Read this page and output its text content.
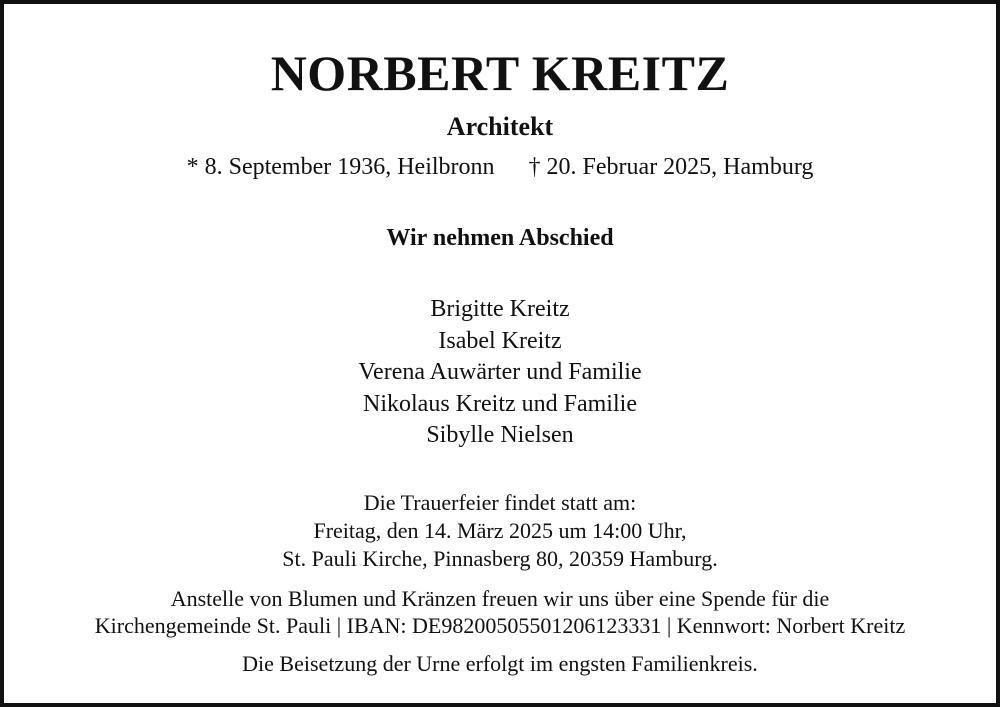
NORBERT KREITZ
Architekt
* 8. September 1936, Heilbronn † 20. Februar 2025, Hamburg
Wir nehmen Abschied
Brigitte Kreitz
Isabel Kreitz
Verena Auwärter und Familie
Nikolaus Kreitz und Familie
Sibylle Nielsen
Die Trauerfeier findet statt am:
Freitag, den 14. März 2025 um 14:00 Uhr,
St. Pauli Kirche, Pinnasberg 80, 20359 Hamburg.
Anstelle von Blumen und Kränzen freuen wir uns über eine Spende für die
Kirchengemeinde St. Pauli | IBAN: DE98200505501206123331 | Kennwort: Norbert Kreitz
Die Beisetzung der Urne erfolgt im engsten Familienkreis.
